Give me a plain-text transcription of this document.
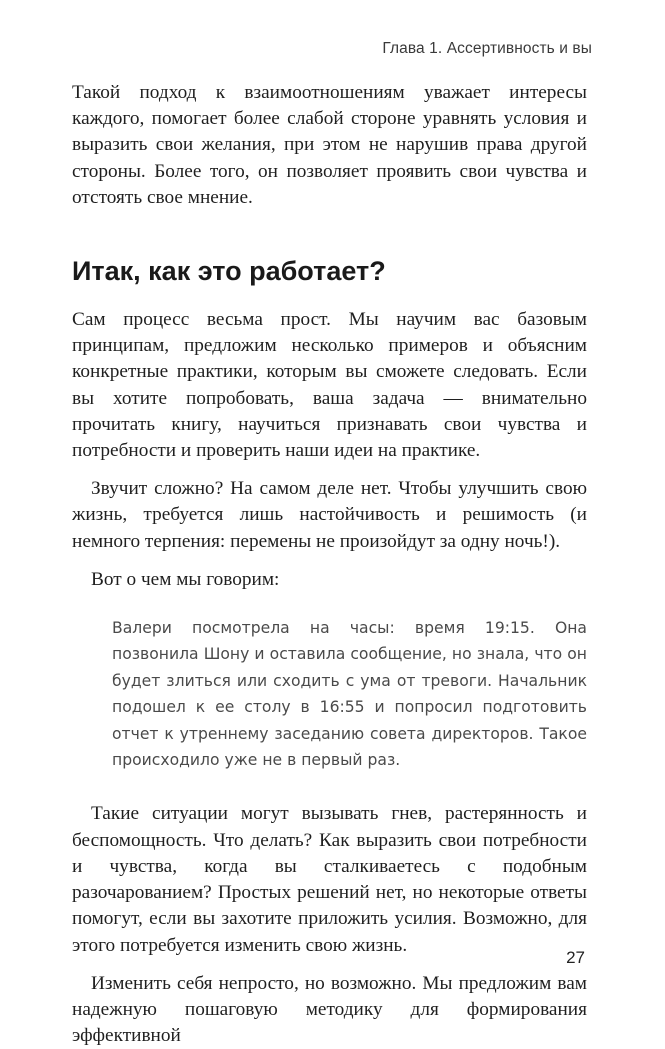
Глава 1. Ассертивность и вы

Такой подход к взаимоотношениям уважает интересы каждого, помогает более слабой стороне уравнять условия и выразить свои желания, при этом не нарушив права другой стороны. Более того, он позволяет проявить свои чувства и отстоять свое мнение.

Итак, как это работает?

Сам процесс весьма прост. Мы научим вас базовым принципам, предложим несколько примеров и объясним конкретные практики, которым вы сможете следовать. Если вы хотите попробовать, ваша задача — внимательно прочитать книгу, научиться признавать свои чувства и потребности и проверить наши идеи на практике.

Звучит сложно? На самом деле нет. Чтобы улучшить свою жизнь, требуется лишь настойчивость и решимость (и немного терпения: перемены не произойдут за одну ночь!).

Вот о чем мы говорим:

Валери посмотрела на часы: время 19:15. Она позвонила Шону и оставила сообщение, но знала, что он будет злиться или сходить с ума от тревоги. Начальник подошел к ее столу в 16:55 и попросил подготовить отчет к утреннему заседанию совета директоров. Такое происходило уже не в первый раз.

Такие ситуации могут вызывать гнев, растерянность и беспомощность. Что делать? Как выразить свои потребности и чувства, когда вы сталкиваетесь с подобным разочарованием? Простых решений нет, но некоторые ответы помогут, если вы захотите приложить усилия. Возможно, для этого потребуется изменить свою жизнь.

Изменить себя непросто, но возможно. Мы предложим вам надежную пошаговую методику для формирования эффективной

27
